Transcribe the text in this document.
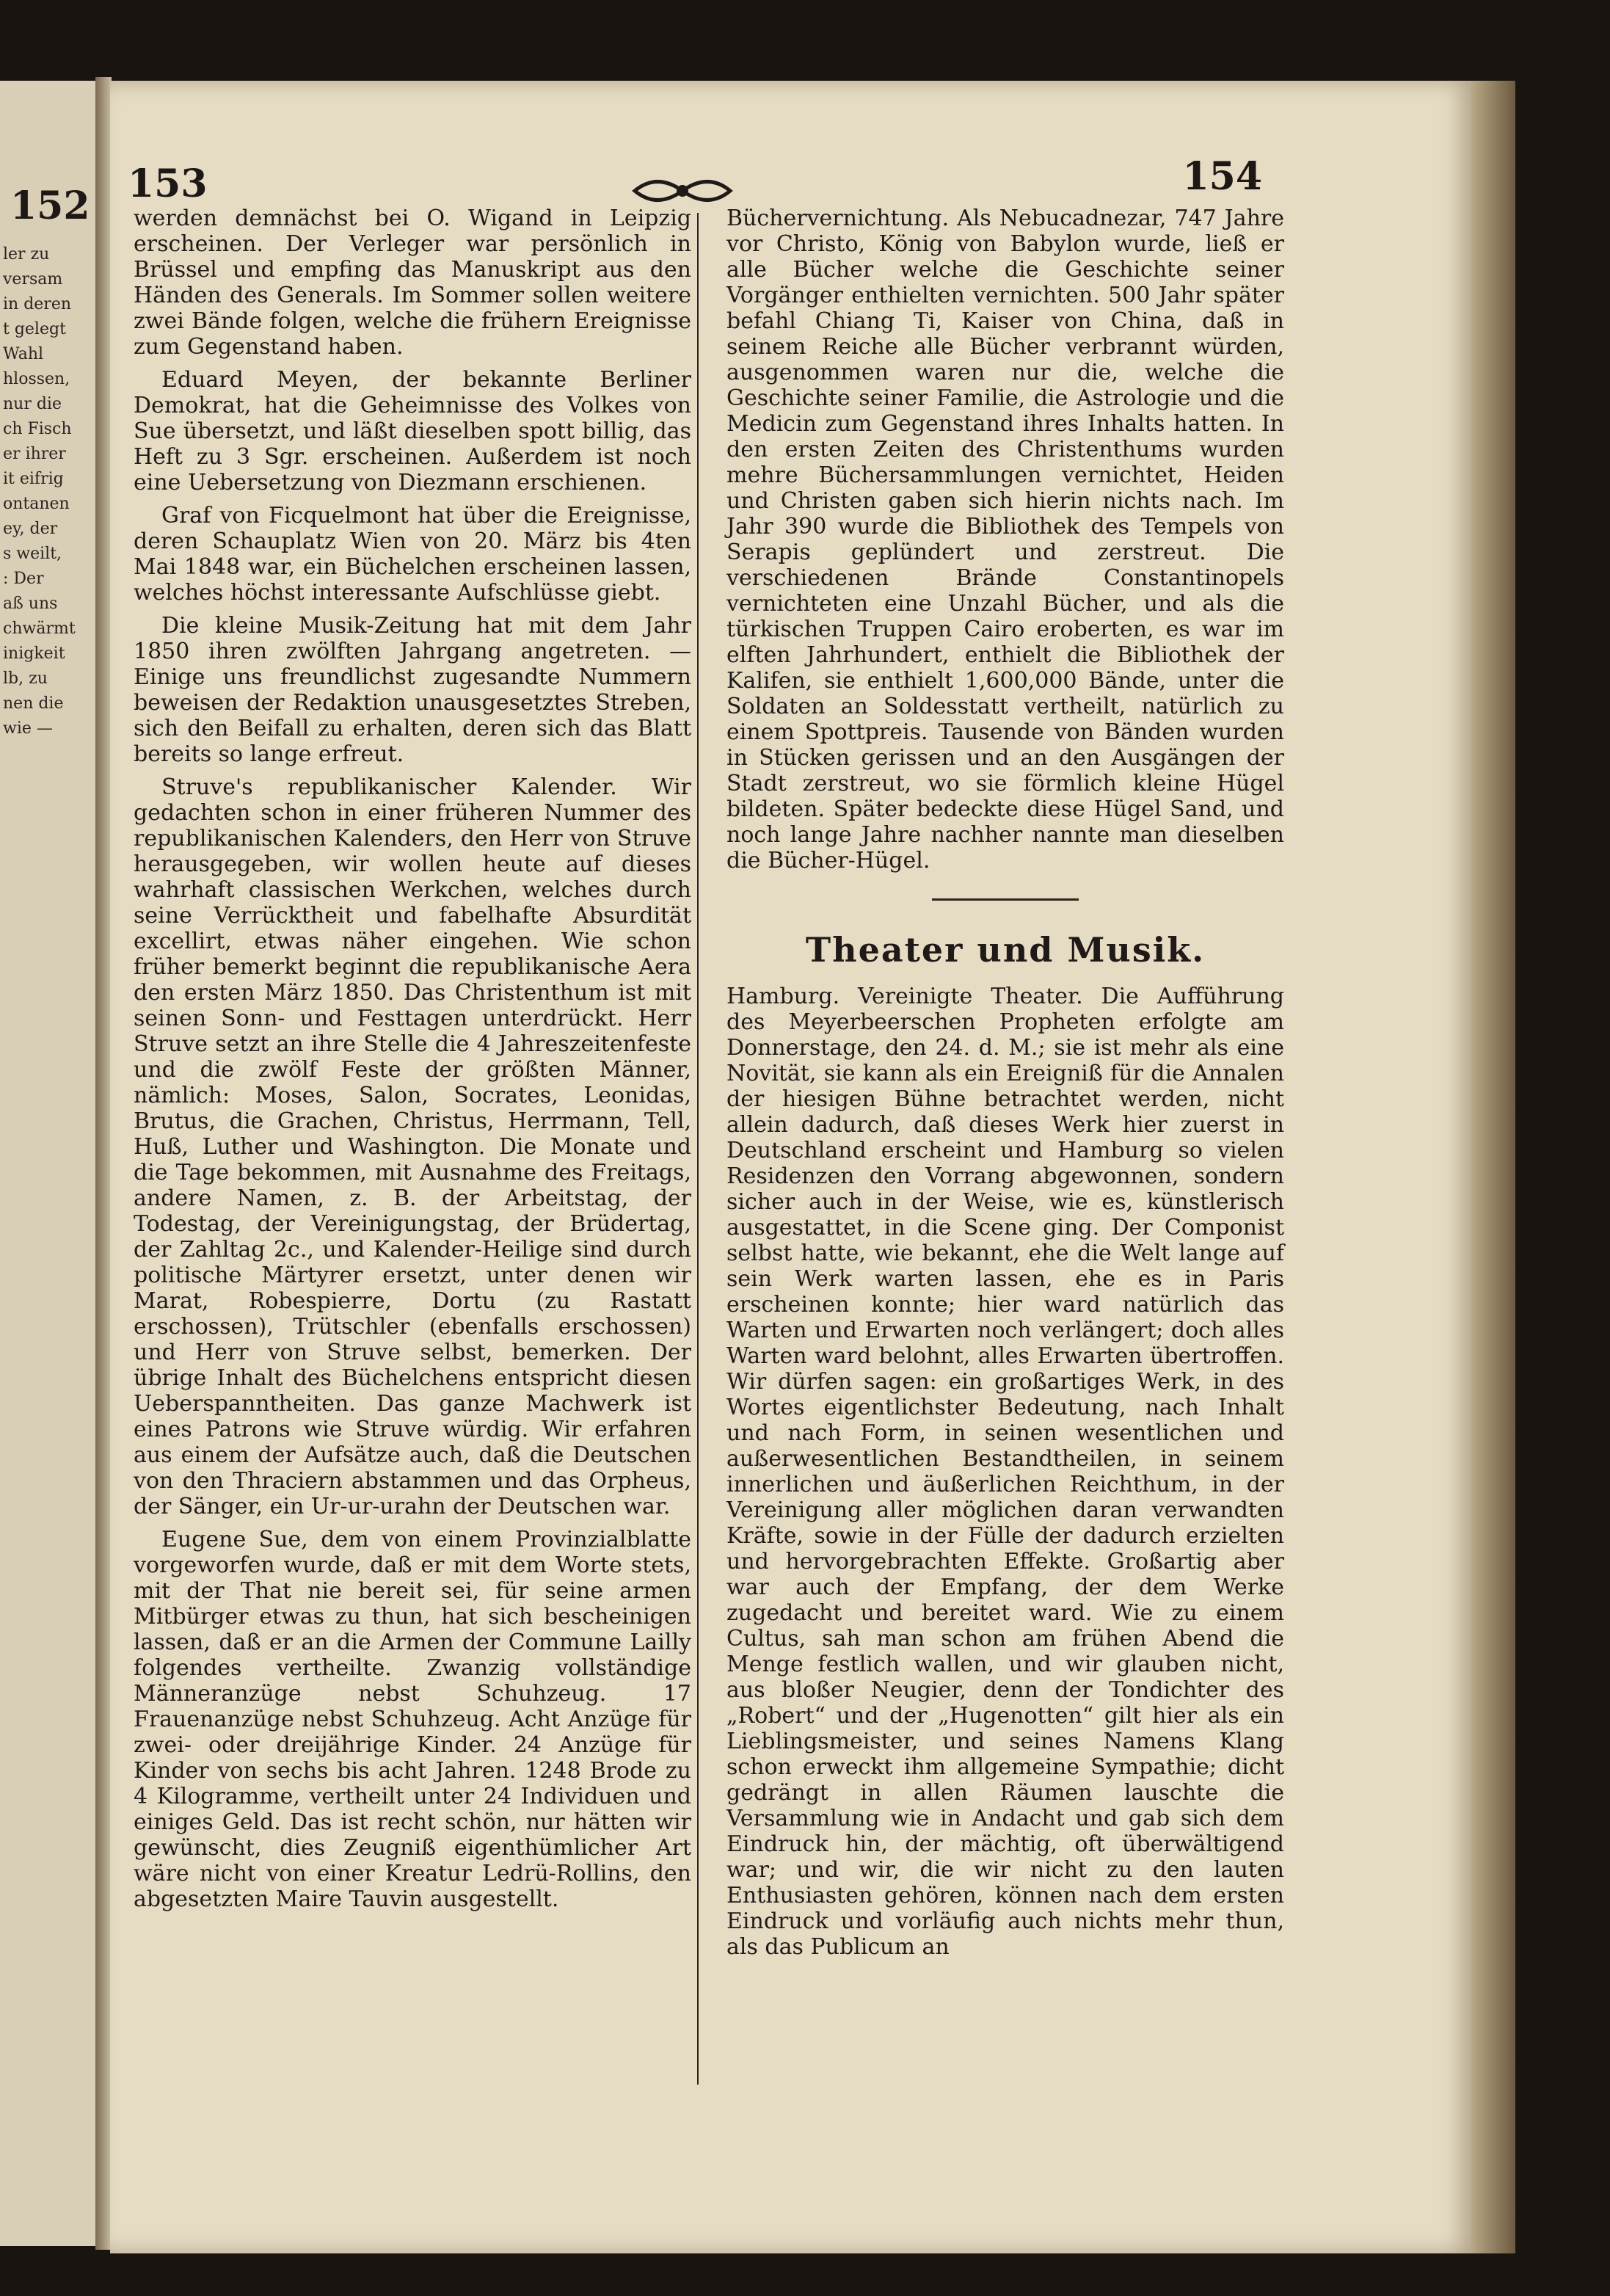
152
ler zu
versam
in deren
t gelegt
Wahl
hlossen,
nur die
ch Fisch
er ihrer
it eifrig
ontanen
ey, der
s weilt,
: Der
aß uns
chwärmt
inigkeit
lb, zu
nen die
wie —
153	154

werden demnächst bei O. Wigand in Leipzig erscheinen. Der Verleger war persönlich in Brüssel und empfing das Manuskript aus den Händen des Generals. Im Sommer sollen weitere zwei Bände folgen, welche die frühern Ereignisse zum Gegenstand haben.

Eduard Meyen, der bekannte Berliner Demokrat, hat die Geheimnisse des Volkes von Sue übersetzt, und läßt dieselben spott billig, das Heft zu 3 Sgr. erscheinen. Außerdem ist noch eine Uebersetzung von Diezmann erschienen.

Graf von Ficquelmont hat über die Ereignisse, deren Schauplatz Wien von 20. März bis 4ten Mai 1848 war, ein Büchelchen erscheinen lassen, welches höchst interessante Aufschlüsse giebt.

Die kleine Musik-Zeitung hat mit dem Jahr 1850 ihren zwölften Jahrgang angetreten. — Einige uns freundlichst zugesandte Nummern beweisen der Redaktion unausgesetztes Streben, sich den Beifall zu erhalten, deren sich das Blatt bereits so lange erfreut.

Struve's republikanischer Kalender. Wir gedachten schon in einer früheren Nummer des republikanischen Kalenders, den Herr von Struve herausgegeben, wir wollen heute auf dieses wahrhaft classischen Werkchen, welches durch seine Verrücktheit und fabelhafte Absurdität excellirt, etwas näher eingehen. Wie schon früher bemerkt beginnt die republikanische Aera den ersten März 1850. Das Christenthum ist mit seinen Sonn- und Festtagen unterdrückt. Herr Struve setzt an ihre Stelle die 4 Jahreszeitenfeste und die zwölf Feste der größten Männer, nämlich: Moses, Salon, Socrates, Leonidas, Brutus, die Grachen, Christus, Herrmann, Tell, Huß, Luther und Washington. Die Monate und die Tage bekommen, mit Ausnahme des Freitags, andere Namen, z. B. der Arbeitstag, der Todestag, der Vereinigungstag, der Brüdertag, der Zahltag 2c., und Kalender-Heilige sind durch politische Märtyrer ersetzt, unter denen wir Marat, Robespierre, Dortu (zu Rastatt erschossen), Trütschler (ebenfalls erschossen) und Herr von Struve selbst, bemerken. Der übrige Inhalt des Büchelchens entspricht diesen Ueberspanntheiten. Das ganze Machwerk ist eines Patrons wie Struve würdig. Wir erfahren aus einem der Aufsätze auch, daß die Deutschen von den Thraciern abstammen und das Orpheus, der Sänger, ein Ur-ur-urahn der Deutschen war.

Eugene Sue, dem von einem Provinzialblatte vorgeworfen wurde, daß er mit dem Worte stets, mit der That nie bereit sei, für seine armen Mitbürger etwas zu thun, hat sich bescheinigen lassen, daß er an die Armen der Commune Lailly folgendes vertheilte. Zwanzig vollständige Männeranzüge nebst Schuhzeug. 17 Frauenanzüge nebst Schuhzeug. Acht Anzüge für zwei- oder dreijährige Kinder. 24 Anzüge für Kinder von sechs bis acht Jahren. 1248 Brode zu 4 Kilogramme, vertheilt unter 24 Individuen und einiges Geld. Das ist recht schön, nur hätten wir gewünscht, dies Zeugniß eigenthümlicher Art wäre nicht von einer Kreatur Ledrü-Rollins, den abgesetzten Maire Tauvin ausgestellt.

Büchervernichtung. Als Nebucadnezar, 747 Jahre vor Christo, König von Babylon wurde, ließ er alle Bücher welche die Geschichte seiner Vorgänger enthielten vernichten. 500 Jahr später befahl Chiang Ti, Kaiser von China, daß in seinem Reiche alle Bücher verbrannt würden, ausgenommen waren nur die, welche die Geschichte seiner Familie, die Astrologie und die Medicin zum Gegenstand ihres Inhalts hatten. In den ersten Zeiten des Christenthums wurden mehre Büchersammlungen vernichtet, Heiden und Christen gaben sich hierin nichts nach. Im Jahr 390 wurde die Bibliothek des Tempels von Serapis geplündert und zerstreut. Die verschiedenen Brände Constantinopels vernichteten eine Unzahl Bücher, und als die türkischen Truppen Cairo eroberten, es war im elften Jahrhundert, enthielt die Bibliothek der Kalifen, sie enthielt 1,600,000 Bände, unter die Soldaten an Soldesstatt vertheilt, natürlich zu einem Spottpreis. Tausende von Bänden wurden in Stücken gerissen und an den Ausgängen der Stadt zerstreut, wo sie förmlich kleine Hügel bildeten. Später bedeckte diese Hügel Sand, und noch lange Jahre nachher nannte man dieselben die Bücher-Hügel.

Theater und Musik.

Hamburg. Vereinigte Theater. Die Aufführung des Meyerbeerschen Propheten erfolgte am Donnerstage, den 24. d. M.; sie ist mehr als eine Novität, sie kann als ein Ereigniß für die Annalen der hiesigen Bühne betrachtet werden, nicht allein dadurch, daß dieses Werk hier zuerst in Deutschland erscheint und Hamburg so vielen Residenzen den Vorrang abgewonnen, sondern sicher auch in der Weise, wie es, künstlerisch ausgestattet, in die Scene ging. Der Componist selbst hatte, wie bekannt, ehe die Welt lange auf sein Werk warten lassen, ehe es in Paris erscheinen konnte; hier ward natürlich das Warten und Erwarten noch verlängert; doch alles Warten ward belohnt, alles Erwarten übertroffen. Wir dürfen sagen: ein großartiges Werk, in des Wortes eigentlichster Bedeutung, nach Inhalt und nach Form, in seinen wesentlichen und außerwesentlichen Bestandtheilen, in seinem innerlichen und äußerlichen Reichthum, in der Vereinigung aller möglichen daran verwandten Kräfte, sowie in der Fülle der dadurch erzielten und hervorgebrachten Effekte. Großartig aber war auch der Empfang, der dem Werke zugedacht und bereitet ward. Wie zu einem Cultus, sah man schon am frühen Abend die Menge festlich wallen, und wir glauben nicht, aus bloßer Neugier, denn der Tondichter des „Robert“ und der „Hugenotten“ gilt hier als ein Lieblingsmeister, und seines Namens Klang schon erweckt ihm allgemeine Sympathie; dicht gedrängt in allen Räumen lauschte die Versammlung wie in Andacht und gab sich dem Eindruck hin, der mächtig, oft überwältigend war; und wir, die wir nicht zu den lauten Enthusiasten gehören, können nach dem ersten Eindruck und vorläufig auch nichts mehr thun, als das Publicum an
